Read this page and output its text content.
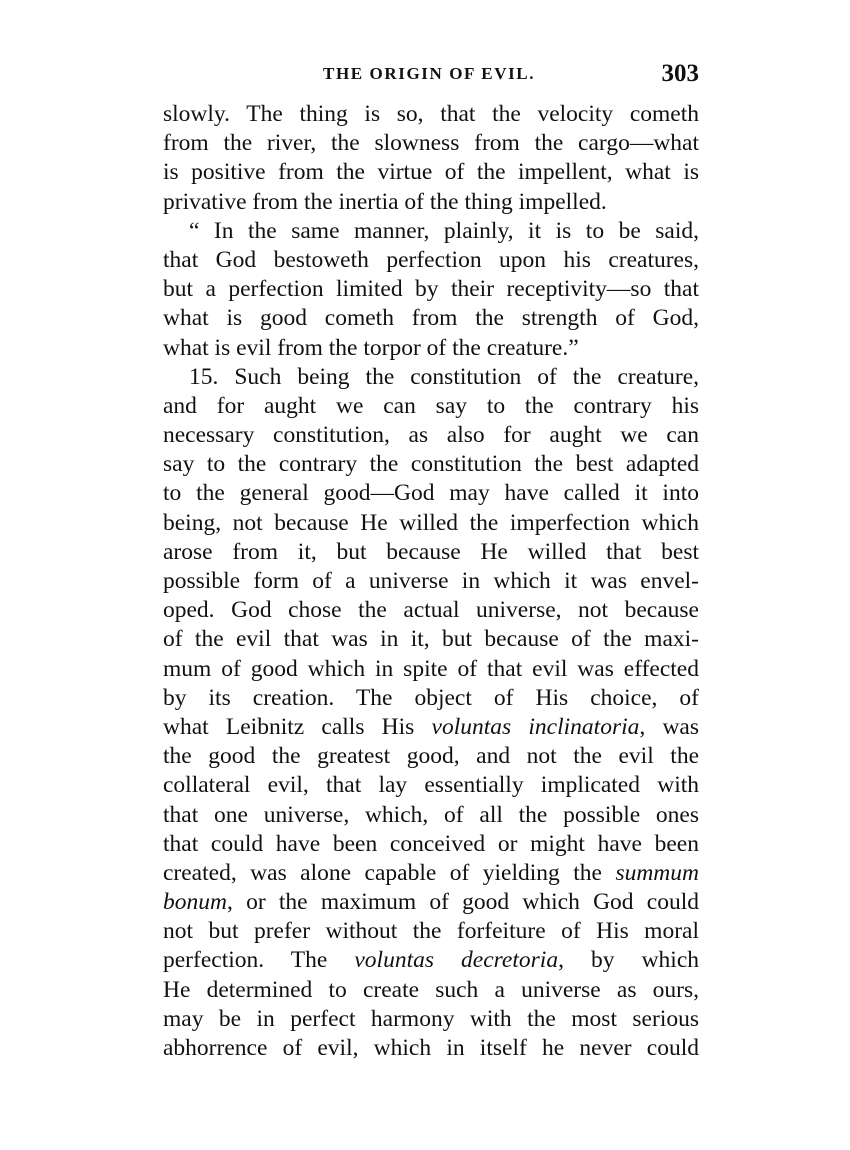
THE ORIGIN OF EVIL.	303
slowly. The thing is so, that the velocity cometh
from the river, the slowness from the cargo—what
is positive from the virtue of the impellent, what is
privative from the inertia of the thing impelled.
“ In the same manner, plainly, it is to be said,
that God bestoweth perfection upon his creatures,
but a perfection limited by their receptivity—so that
what is good cometh from the strength of God,
what is evil from the torpor of the creature.”
15. Such being the constitution of the creature,
and for aught we can say to the contrary his
necessary constitution, as also for aught we can
say to the contrary the constitution the best adapted
to the general good—God may have called it into
being, not because He willed the imperfection which
arose from it, but because He willed that best
possible form of a universe in which it was envel-
oped. God chose the actual universe, not because
of the evil that was in it, but because of the maxi-
mum of good which in spite of that evil was effected
by its creation. The object of His choice, of
what Leibnitz calls His voluntas inclinatoria, was
the good the greatest good, and not the evil the
collateral evil, that lay essentially implicated with
that one universe, which, of all the possible ones
that could have been conceived or might have been
created, was alone capable of yielding the summum
bonum, or the maximum of good which God could
not but prefer without the forfeiture of His moral
perfection. The voluntas decretoria, by which
He determined to create such a universe as ours,
may be in perfect harmony with the most serious
abhorrence of evil, which in itself he never could
